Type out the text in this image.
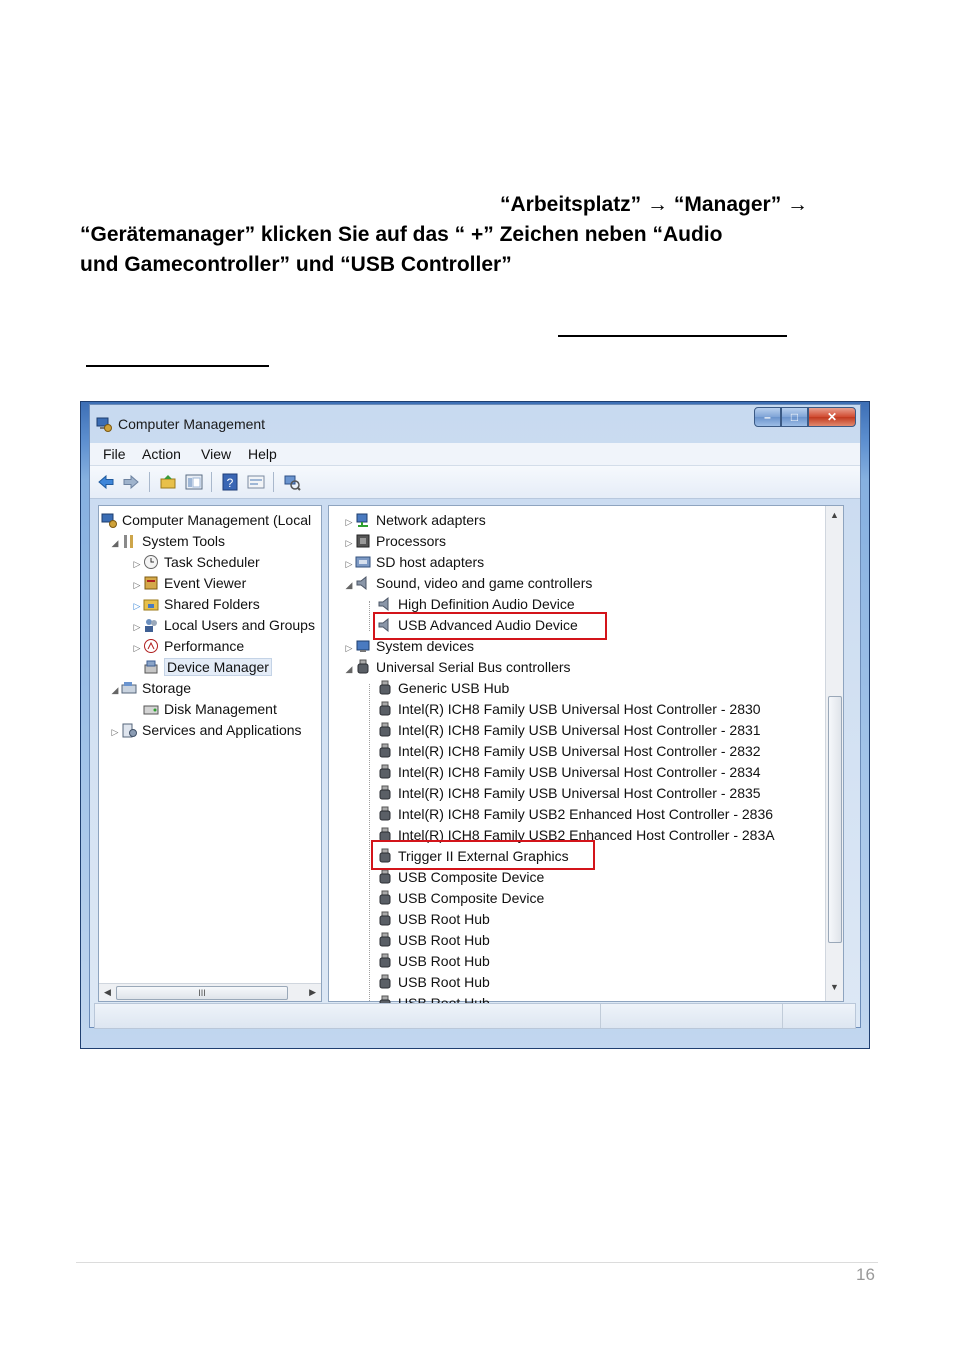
“Arbeitsplatz” → “Manager” →
“Gerätemanager” klicken Sie auf das “ +” Zeichen neben “Audio
und Gamecontroller” und “USB Controller”
Computer Management	–	□	✕
File Action View Help
?
Computer Management (Local
◢ System Tools
▷ Task Scheduler
▷ Event Viewer
▷ Shared Folders
▷ Local Users and Groups
▷ Performance
Device Manager
◢ Storage
Disk Management
▷ Services and Applications
◀	III	▶
▷ Network adapters
▷ Processors
▷ SD host adapters
◢ Sound, video and game controllers
High Definition Audio Device
USB Advanced Audio Device
▷ System devices
◢ Universal Serial Bus controllers
Generic USB Hub
Intel(R) ICH8 Family USB Universal Host Controller - 2830
Intel(R) ICH8 Family USB Universal Host Controller - 2831
Intel(R) ICH8 Family USB Universal Host Controller - 2832
Intel(R) ICH8 Family USB Universal Host Controller - 2834
Intel(R) ICH8 Family USB Universal Host Controller - 2835
Intel(R) ICH8 Family USB2 Enhanced Host Controller - 2836
Intel(R) ICH8 Family USB2 Enhanced Host Controller - 283A
Trigger II External Graphics
USB Composite Device
USB Composite Device
USB Root Hub
USB Root Hub
USB Root Hub
USB Root Hub
▲
▼
16
